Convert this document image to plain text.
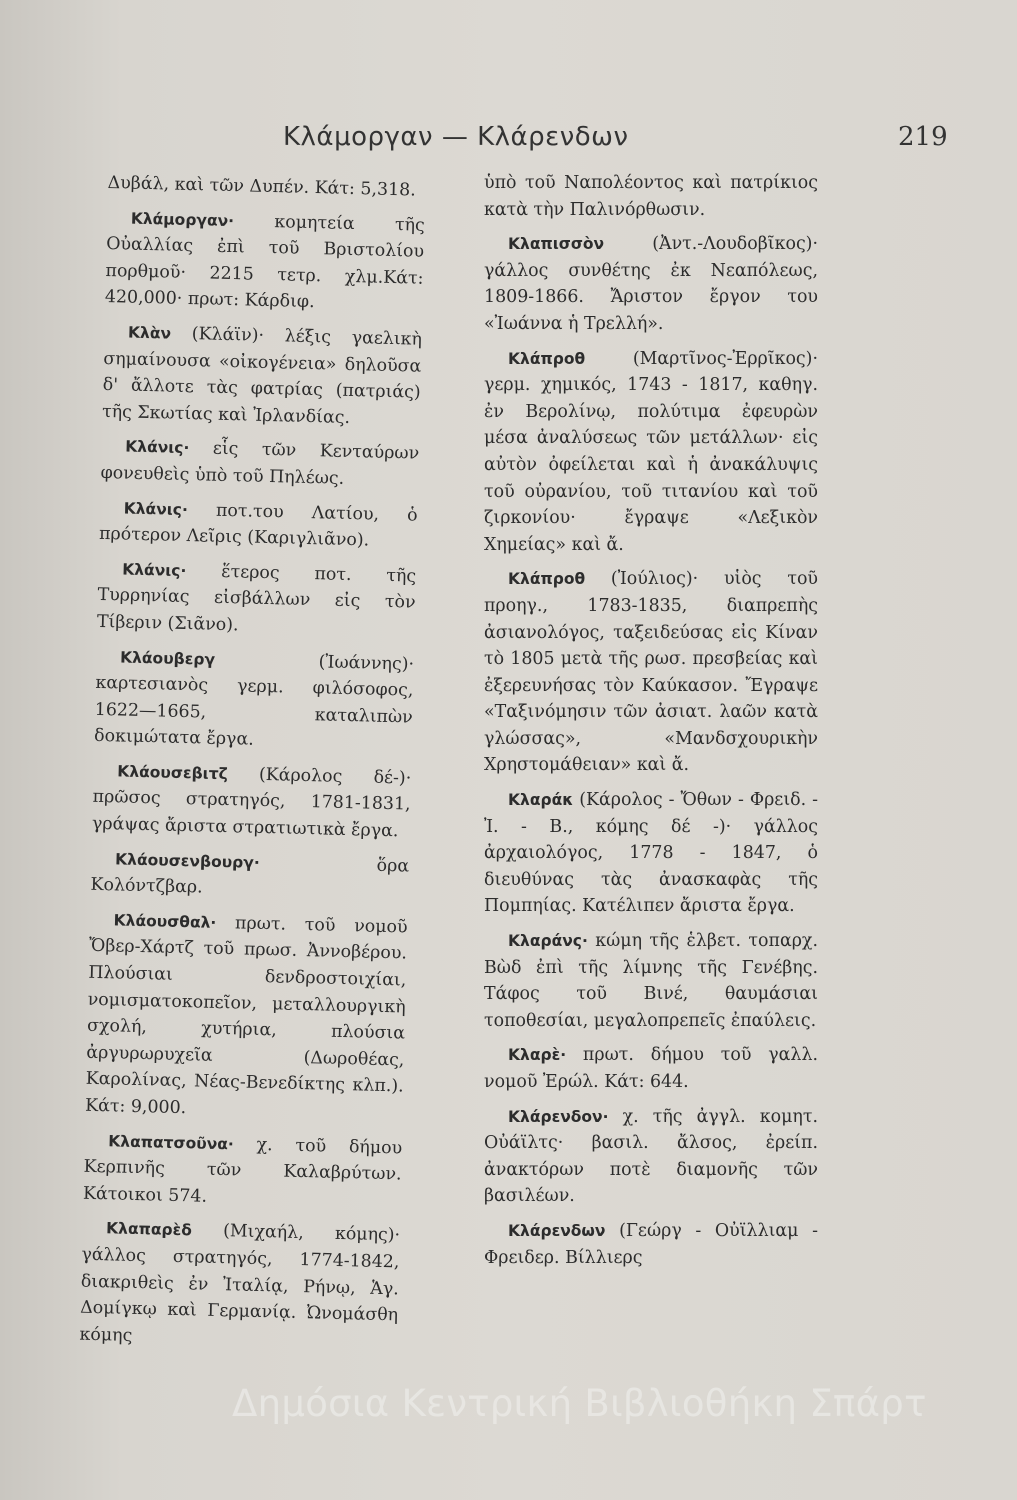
Κλάμοργαν — Κλάρενδων	219

Δυβάλ, καὶ τῶν Δυπέν. Κάτ: 5,318.

Κλάμοργαν· κομητεία τῆς Οὐαλλίας ἐπὶ τοῦ Βριστολίου πορθμοῦ· 2215 τετρ. χλμ.Κάτ: 420,000· πρωτ: Κάρδιφ.

Κλὰν (Κλάϊν)· λέξις γαελικὴ σημαίνουσα «οἰκογένεια» δηλοῦσα δ' ἄλλοτε τὰς φατρίας (πατριάς) τῆς Σκωτίας καὶ Ἰρλανδίας.

Κλάνις· εἷς τῶν Κενταύρων φονευθεὶς ὑπὸ τοῦ Πηλέως.

Κλάνις· ποτ.του Λατίου, ὁ πρότερον Λεῖρις (Καριγλιᾶνο).

Κλάνις· ἕτερος ποτ. τῆς Τυρρηνίας εἰσβάλλων εἰς τὸν Τίβεριν (Σιᾶνο).

Κλάουβεργ (Ἰωάννης)· καρτεσιανὸς γερμ. φιλόσοφος, 1622—1665, καταλιπὼν δοκιμώτατα ἔργα.

Κλάουσεβιτζ (Κάρολος δέ-)· πρῶσος στρατηγός, 1781-1831, γράψας ἄριστα στρατιωτικὰ ἔργα.

Κλάουσενβουργ· ὅρα Κολόντζβαρ.

Κλάουσθαλ· πρωτ. τοῦ νομοῦ Ὄβερ-Χάρτζ τοῦ πρωσ. Ἀννοβέρου. Πλούσιαι δενδροστοιχίαι, νομισματοκοπεῖον, μεταλλουργικὴ σχολή, χυτήρια, πλούσια ἀργυρωρυχεῖα (Δωροθέας, Καρολίνας, Νέας-Βενεδίκτης κλπ.). Κάτ: 9,000.

Κλαπατσοῦνα· χ. τοῦ δήμου Κερπινῆς τῶν Καλαβρύτων. Κάτοικοι 574.

Κλαπαρὲδ (Μιχαήλ, κόμης)· γάλλος στρατηγός, 1774-1842, διακριθεὶς ἐν Ἰταλίᾳ, Ρήνῳ, Ἁγ. Δομίγκῳ καὶ Γερμανίᾳ. Ὠνομάσθη κόμης

ὑπὸ τοῦ Ναπολέοντος καὶ πατρίκιος κατὰ τὴν Παλινόρθωσιν.

Κλαπισσὸν (Ἀντ.-Λουδοβῖκος)· γάλλος συνθέτης ἐκ Νεαπόλεως, 1809-1866. Ἄριστον ἔργον του «Ἰωάννα ἡ Τρελλή».

Κλάπροθ (Μαρτῖνος-Ἐρρῖκος)· γερμ. χημικός, 1743 - 1817, καθηγ. ἐν Βερολίνῳ, πολύτιμα ἐφευρὼν μέσα ἀναλύσεως τῶν μετάλλων· εἰς αὐτὸν ὀφείλεται καὶ ἡ ἀνακάλυψις τοῦ οὐρανίου, τοῦ τιτανίου καὶ τοῦ ζιρκονίου· ἔγραψε «Λεξικὸν Χημείας» καὶ ἄ.

Κλάπροθ (Ἰούλιος)· υἱὸς τοῦ προηγ., 1783-1835, διαπρεπὴς ἀσιανολόγος, ταξειδεύσας εἰς Κίναν τὸ 1805 μετὰ τῆς ρωσ. πρεσβείας καὶ ἐξερευνήσας τὸν Καύκασον. Ἔγραψε «Ταξινόμησιν τῶν ἀσιατ. λαῶν κατὰ γλώσσας», «Μανδσχουρικὴν Χρηστομάθειαν» καὶ ἄ.

Κλαράκ (Κάρολος - Ὄθων - Φρειδ. - Ἰ. - Β., κόμης δέ -)· γάλλος ἀρχαιολόγος, 1778 - 1847, ὁ διευθύνας τὰς ἀνασκαφὰς τῆς Πομπηίας. Κατέλιπεν ἄριστα ἔργα.

Κλαράνς· κώμη τῆς ἑλβετ. τοπαρχ. Βὼδ ἐπὶ τῆς λίμνης τῆς Γενέβης. Τάφος τοῦ Βινέ, θαυμάσιαι τοποθεσίαι, μεγαλοπρεπεῖς ἐπαύλεις.

Κλαρὲ· πρωτ. δήμου τοῦ γαλλ. νομοῦ Ἐρώλ. Κάτ: 644.

Κλάρενδον· χ. τῆς ἀγγλ. κομητ. Οὐάϊλτς· βασιλ. ἄλσος, ἐρείπ. ἀνακτόρων ποτὲ διαμονῆς τῶν βασιλέων.

Κλάρενδων (Γεώργ - Οὐϊλλιαμ - Φρειδερ. Βίλλιερς

Δημόσια Κεντρική Βιβλιοθήκη Σπάρτ
